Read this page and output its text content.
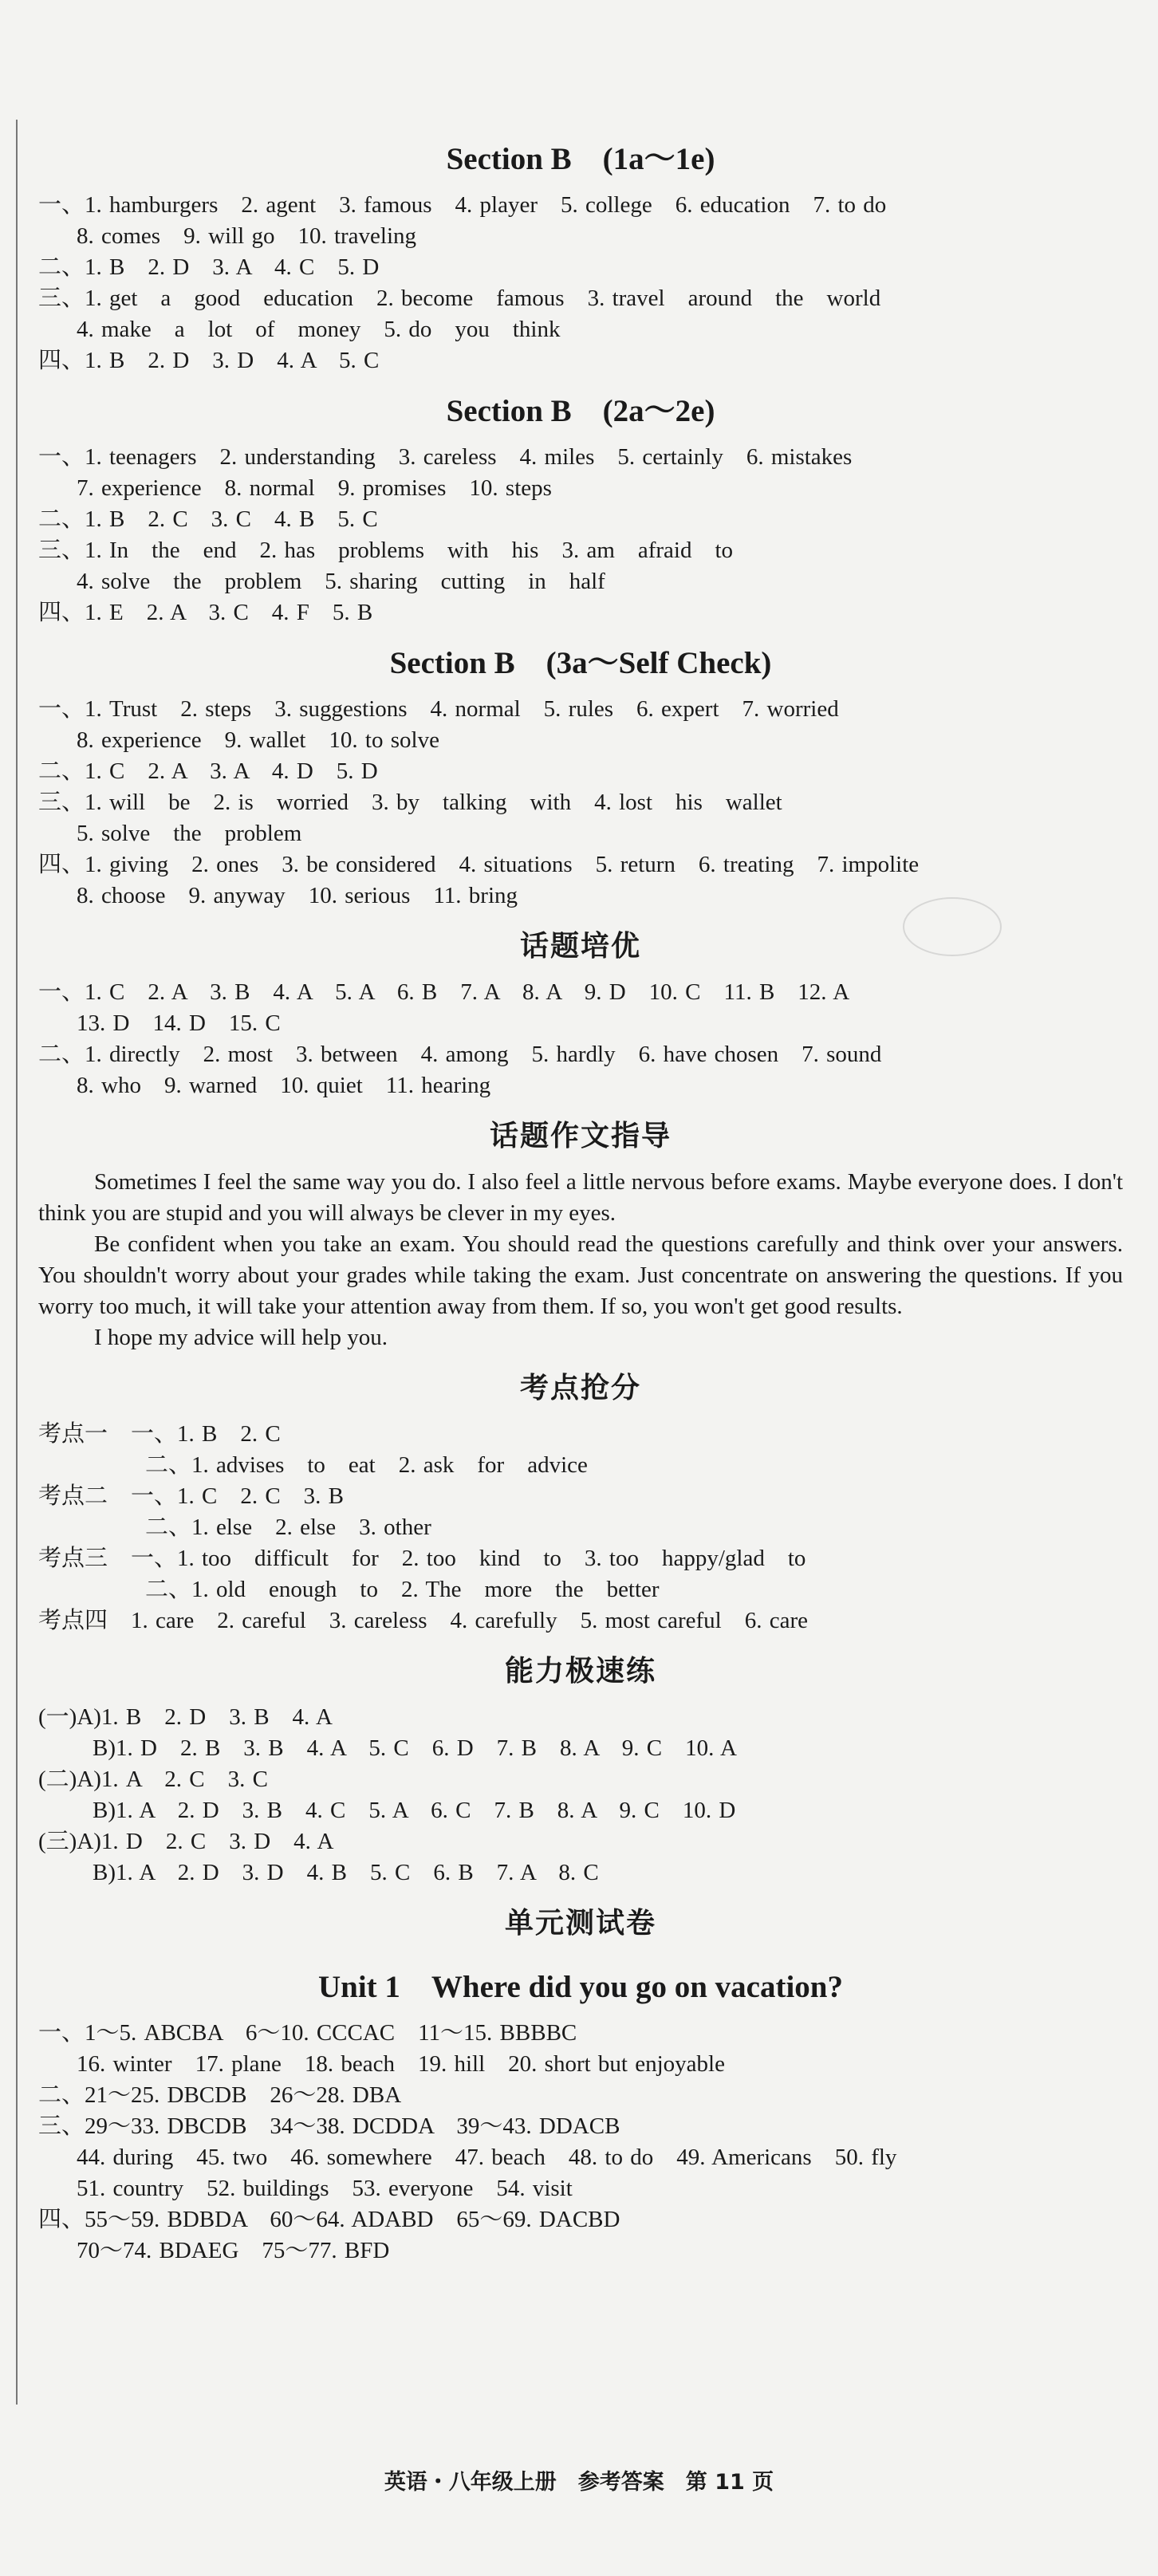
Section B　(1a～1e)
一、1. hamburgers　2. agent　3. famous　4. player　5. college　6. education　7. to do
8. comes　9. will go　10. traveling
二、1. B　2. D　3. A　4. C　5. D
三、1. get　a　good　education　2. become　famous　3. travel　around　the　world
4. make　a　lot　of　money　5. do　you　think
四、1. B　2. D　3. D　4. A　5. C
Section B　(2a～2e)
一、1. teenagers　2. understanding　3. careless　4. miles　5. certainly　6. mistakes
7. experience　8. normal　9. promises　10. steps
二、1. B　2. C　3. C　4. B　5. C
三、1. In　the　end　2. has　problems　with　his　3. am　afraid　to
4. solve　the　problem　5. sharing　cutting　in　half
四、1. E　2. A　3. C　4. F　5. B
Section B　(3a～Self Check)
一、1. Trust　2. steps　3. suggestions　4. normal　5. rules　6. expert　7. worried
8. experience　9. wallet　10. to solve
二、1. C　2. A　3. A　4. D　5. D
三、1. will　be　2. is　worried　3. by　talking　with　4. lost　his　wallet
5. solve　the　problem
四、1. giving　2. ones　3. be considered　4. situations　5. return　6. treating　7. impolite
8. choose　9. anyway　10. serious　11. bring
话题培优
一、1. C　2. A　3. B　4. A　5. A　6. B　7. A　8. A　9. D　10. C　11. B　12. A
13. D　14. D　15. C
二、1. directly　2. most　3. between　4. among　5. hardly　6. have chosen　7. sound
8. who　9. warned　10. quiet　11. hearing
话题作文指导
Sometimes I feel the same way you do. I also feel a little nervous before exams. Maybe everyone does. I don't think you are stupid and you will always be clever in my eyes.
Be confident when you take an exam. You should read the questions carefully and think over your answers. You shouldn't worry about your grades while taking the exam. Just concentrate on answering the questions. If you worry too much, it will take your attention away from them. If so, you won't get good results.
I hope my advice will help you.
考点抢分
考点一　一、1. B　2. C
二、1. advises　to　eat　2. ask　for　advice
考点二　一、1. C　2. C　3. B
二、1. else　2. else　3. other
考点三　一、1. too　difficult　for　2. too　kind　to　3. too　happy/glad　to
二、1. old　enough　to　2. The　more　the　better
考点四　1. care　2. careful　3. careless　4. carefully　5. most careful　6. care
能力极速练
(一)A)1. B　2. D　3. B　4. A
B)1. D　2. B　3. B　4. A　5. C　6. D　7. B　8. A　9. C　10. A
(二)A)1. A　2. C　3. C
B)1. A　2. D　3. B　4. C　5. A　6. C　7. B　8. A　9. C　10. D
(三)A)1. D　2. C　3. D　4. A
B)1. A　2. D　3. D　4. B　5. C　6. B　7. A　8. C
单元测试卷
Unit 1　Where did you go on vacation?
一、1～5. ABCBA　6～10. CCCAC　11～15. BBBBC
16. winter　17. plane　18. beach　19. hill　20. short but enjoyable
二、21～25. DBCDB　26～28. DBA
三、29～33. DBCDB　34～38. DCDDA　39～43. DDACB
44. during　45. two　46. somewhere　47. beach　48. to do　49. Americans　50. fly
51. country　52. buildings　53. everyone　54. visit
四、55～59. BDBDA　60～64. ADABD　65～69. DACBD
70～74. BDAEG　75～77. BFD
英语・八年级上册　参考答案　第 11 页
